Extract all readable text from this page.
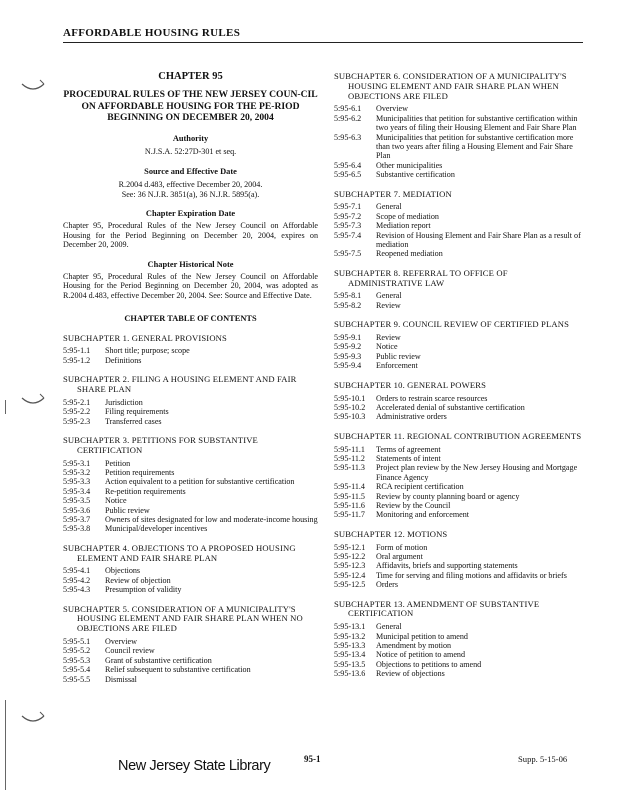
AFFORDABLE HOUSING RULES
CHAPTER 95
PROCEDURAL RULES OF THE NEW JERSEY COUN-CIL ON AFFORDABLE HOUSING FOR THE PE-RIOD BEGINNING ON DECEMBER 20, 2004
Authority
N.J.S.A. 52:27D-301 et seq.
Source and Effective Date
R.2004 d.483, effective December 20, 2004.
See: 36 N.J.R. 3851(a), 36 N.J.R. 5895(a).
Chapter Expiration Date
Chapter 95, Procedural Rules of the New Jersey Council on Affordable Housing for the Period Beginning on December 20, 2004, expires on December 20, 2009.
Chapter Historical Note
Chapter 95, Procedural Rules of the New Jersey Council on Affordable Housing for the Period Beginning on December 20, 2004, was adopted as R.2004 d.483, effective December 20, 2004. See: Source and Effective Date.
CHAPTER TABLE OF CONTENTS
SUBCHAPTER 1. GENERAL PROVISIONS
5:95-1.1	Short title; purpose; scope
5:95-1.2	Definitions
SUBCHAPTER 2. FILING A HOUSING ELEMENT AND FAIR SHARE PLAN
5:95-2.1	Jurisdiction
5:95-2.2	Filing requirements
5:95-2.3	Transferred cases
SUBCHAPTER 3. PETITIONS FOR SUBSTANTIVE CERTIFICATION
5:95-3.1	Petition
5:95-3.2	Petition requirements
5:95-3.3	Action equivalent to a petition for substantive certification
5:95-3.4	Re-petition requirements
5:95-3.5	Notice
5:95-3.6	Public review
5:95-3.7	Owners of sites designated for low and moderate-income housing
5:95-3.8	Municipal/developer incentives
SUBCHAPTER 4. OBJECTIONS TO A PROPOSED HOUSING ELEMENT AND FAIR SHARE PLAN
5:95-4.1	Objections
5:95-4.2	Review of objection
5:95-4.3	Presumption of validity
SUBCHAPTER 5. CONSIDERATION OF A MUNICIPALITY'S HOUSING ELEMENT AND FAIR SHARE PLAN WHEN NO OBJECTIONS ARE FILED
5:95-5.1	Overview
5:95-5.2	Council review
5:95-5.3	Grant of substantive certification
5:95-5.4	Relief subsequent to substantive certification
5:95-5.5	Dismissal
SUBCHAPTER 6. CONSIDERATION OF A MUNICIPALITY'S HOUSING ELEMENT AND FAIR SHARE PLAN WHEN OBJECTIONS ARE FILED
5:95-6.1	Overview
5:95-6.2	Municipalities that petition for substantive certification within two years of filing their Housing Element and Fair Share Plan
5:95-6.3	Municipalities that petition for substantive certification more than two years after filing a Housing Element and Fair Share Plan
5:95-6.4	Other municipalities
5:95-6.5	Substantive certification
SUBCHAPTER 7. MEDIATION
5:95-7.1	General
5:95-7.2	Scope of mediation
5:95-7.3	Mediation report
5:95-7.4	Revision of Housing Element and Fair Share Plan as a result of mediation
5:95-7.5	Reopened mediation
SUBCHAPTER 8. REFERRAL TO OFFICE OF ADMINISTRATIVE LAW
5:95-8.1	General
5:95-8.2	Review
SUBCHAPTER 9. COUNCIL REVIEW OF CERTIFIED PLANS
5:95-9.1	Review
5:95-9.2	Notice
5:95-9.3	Public review
5:95-9.4	Enforcement
SUBCHAPTER 10. GENERAL POWERS
5:95-10.1	Orders to restrain scarce resources
5:95-10.2	Accelerated denial of substantive certification
5:95-10.3	Administrative orders
SUBCHAPTER 11. REGIONAL CONTRIBUTION AGREEMENTS
5:95-11.1	Terms of agreement
5:95-11.2	Statements of intent
5:95-11.3	Project plan review by the New Jersey Housing and Mortgage Finance Agency
5:95-11.4	RCA recipient certification
5:95-11.5	Review by county planning board or agency
5:95-11.6	Review by the Council
5:95-11.7	Monitoring and enforcement
SUBCHAPTER 12. MOTIONS
5:95-12.1	Form of motion
5:95-12.2	Oral argument
5:95-12.3	Affidavits, briefs and supporting statements
5:95-12.4	Time for serving and filing motions and affidavits or briefs
5:95-12.5	Orders
SUBCHAPTER 13. AMENDMENT OF SUBSTANTIVE CERTIFICATION
5:95-13.1	General
5:95-13.2	Municipal petition to amend
5:95-13.3	Amendment by motion
5:95-13.4	Notice of petition to amend
5:95-13.5	Objections to petitions to amend
5:95-13.6	Review of objections
New Jersey State Library	95-1	Supp. 5-15-06
